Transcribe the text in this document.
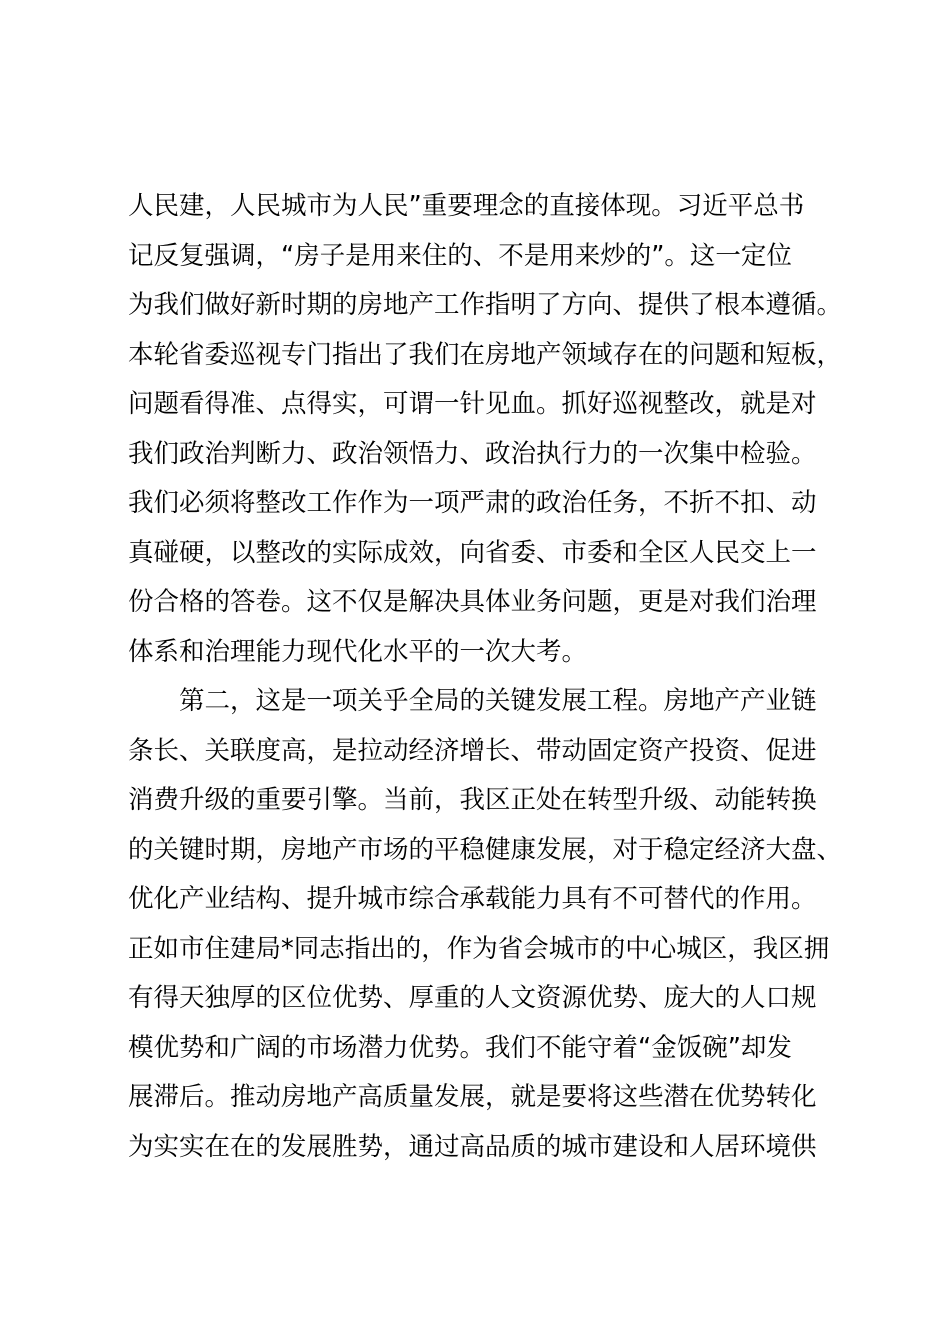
人民建，人民城市为人民”重要理念的直接体现。习近平总书
记反复强调，“房子是用来住的、不是用来炒的”。这一定位
为我们做好新时期的房地产工作指明了方向、提供了根本遵循。
本轮省委巡视专门指出了我们在房地产领域存在的问题和短板，
问题看得准、点得实，可谓一针见血。抓好巡视整改，就是对
我们政治判断力、政治领悟力、政治执行力的一次集中检验。
我们必须将整改工作作为一项严肃的政治任务，不折不扣、动
真碰硬，以整改的实际成效，向省委、市委和全区人民交上一
份合格的答卷。这不仅是解决具体业务问题，更是对我们治理
体系和治理能力现代化水平的一次大考。
第二，这是一项关乎全局的关键发展工程。房地产产业链
条长、关联度高，是拉动经济增长、带动固定资产投资、促进
消费升级的重要引擎。当前，我区正处在转型升级、动能转换
的关键时期，房地产市场的平稳健康发展，对于稳定经济大盘、
优化产业结构、提升城市综合承载能力具有不可替代的作用。
正如市住建局*同志指出的，作为省会城市的中心城区，我区拥
有得天独厚的区位优势、厚重的人文资源优势、庞大的人口规
模优势和广阔的市场潜力优势。我们不能守着“金饭碗”却发
展滞后。推动房地产高质量发展，就是要将这些潜在优势转化
为实实在在的发展胜势，通过高品质的城市建设和人居环境供
